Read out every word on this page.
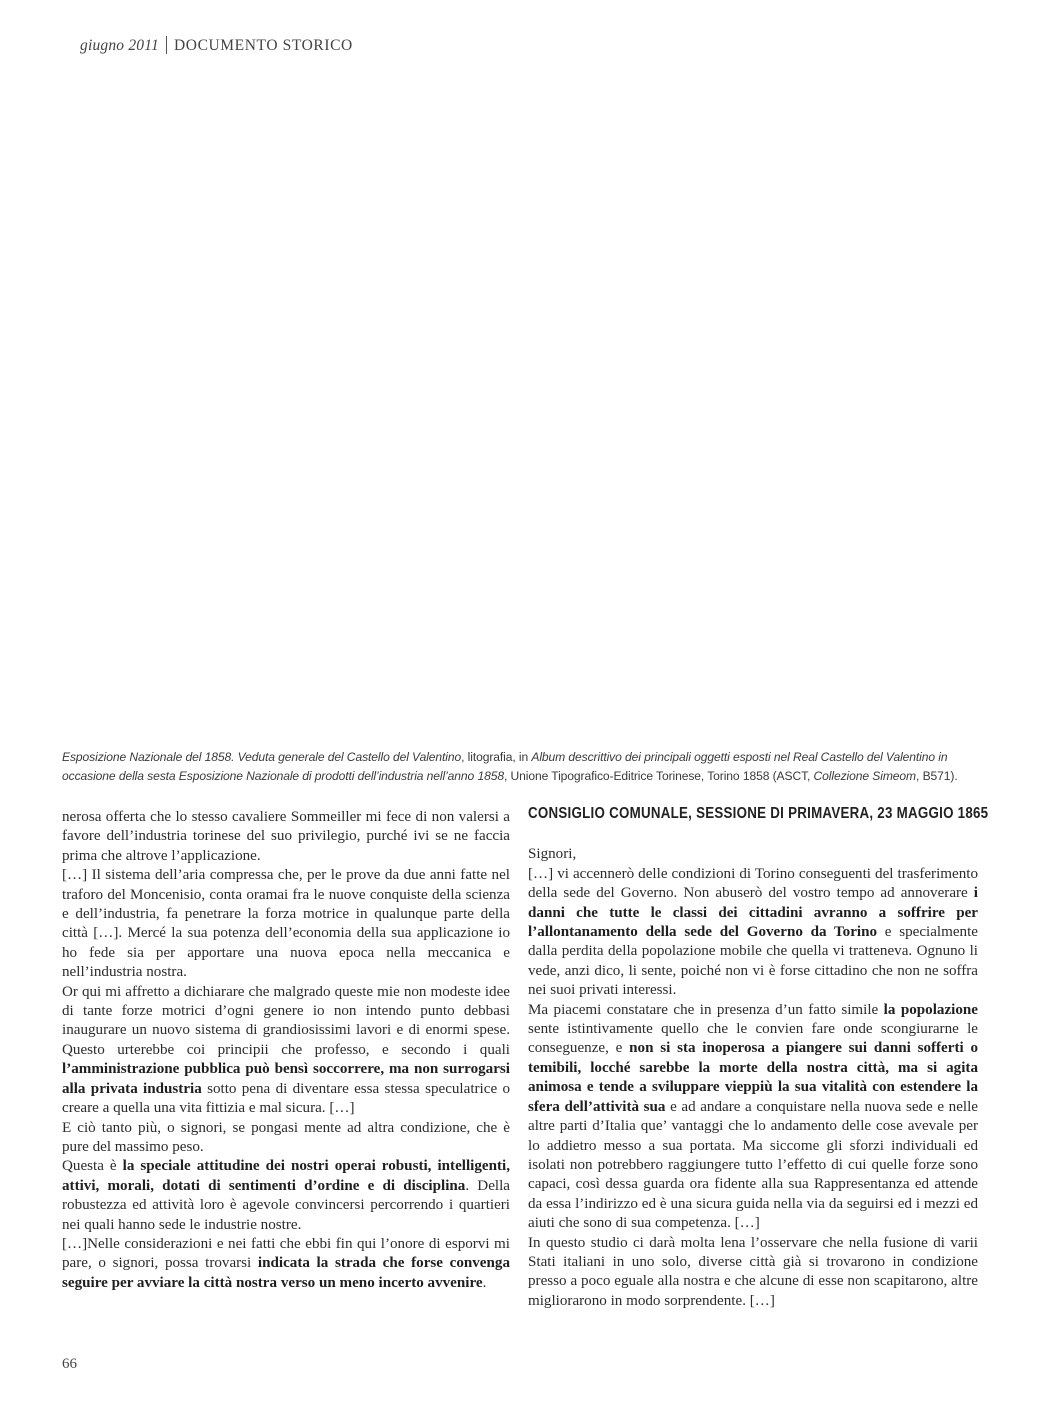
giugno 2011 DOCUMENTO STORICO
Esposizione Nazionale del 1858. Veduta generale del Castello del Valentino, litografia, in Album descrittivo dei principali oggetti esposti nel Real Castello del Valentino in occasione della sesta Esposizione Nazionale di prodotti dell’industria nell’anno 1858, Unione Tipografico-Editrice Torinese, Torino 1858 (ASCT, Collezione Simeom, B571).

nerosa offerta che lo stesso cavaliere Sommeiller mi fece di non valersi a favore dell’industria torinese del suo privilegio, purché ivi se ne faccia prima che altrove l’applicazione.

[…] Il sistema dell’aria compressa che, per le prove da due anni fatte nel traforo del Moncenisio, conta oramai fra le nuove conquiste della scienza e dell’industria, fa penetrare la forza motrice in qualunque parte della città […]. Mercé la sua potenza dell’economia della sua applicazione io ho fede sia per apportare una nuova epoca nella meccanica e nell’industria nostra.

Or qui mi affretto a dichiarare che malgrado queste mie non modeste idee di tante forze motrici d’ogni genere io non intendo punto debbasi inaugurare un nuovo sistema di grandiosissimi lavori e di enormi spese. Questo urterebbe coi principii che professo, e secondo i quali l’amministrazione pubblica può bensì soccorrere, ma non surrogarsi alla privata industria sotto pena di diventare essa stessa speculatrice o creare a quella una vita fittizia e mal sicura. […]

E ciò tanto più, o signori, se pongasi mente ad altra condizione, che è pure del massimo peso.

Questa è la speciale attitudine dei nostri operai robusti, intelligenti, attivi, morali, dotati di sentimenti d’ordine e di disciplina. Della robustezza ed attività loro è agevole convincersi percorrendo i quartieri nei quali hanno sede le industrie nostre.

[…]Nelle considerazioni e nei fatti che ebbi fin qui l’onore di esporvi mi pare, o signori, possa trovarsi indicata la strada che forse convenga seguire per avviare la città nostra verso un meno incerto avvenire.

CONSIGLIO COMUNALE, SESSIONE DI PRIMAVERA, 23 MAGGIO 1865

Signori,

[…] vi accennerò delle condizioni di Torino conseguenti del trasferimento della sede del Governo. Non abuserò del vostro tempo ad annoverare i danni che tutte le classi dei cittadini avranno a soffrire per l’allontanamento della sede del Governo da Torino e specialmente dalla perdita della popolazione mobile che quella vi tratteneva. Ognuno li vede, anzi dico, li sente, poiché non vi è forse cittadino che non ne soffra nei suoi privati interessi.

Ma piacemi constatare che in presenza d’un fatto simile la popolazione sente istintivamente quello che le convien fare onde scongiurarne le conseguenze, e non si sta inoperosa a piangere sui danni sofferti o temibili, locché sarebbe la morte della nostra città, ma si agita animosa e tende a sviluppare vieppiù la sua vitalità con estendere la sfera dell’attività sua e ad andare a conquistare nella nuova sede e nelle altre parti d’Italia que’ vantaggi che lo andamento delle cose avevale per lo addietro messo a sua portata. Ma siccome gli sforzi individuali ed isolati non potrebbero raggiungere tutto l’effetto di cui quelle forze sono capaci, così dessa guarda ora fidente alla sua Rappresentanza ed attende da essa l’indirizzo ed è una sicura guida nella via da seguirsi ed i mezzi ed aiuti che sono di sua competenza. […]

In questo studio ci darà molta lena l’osservare che nella fusione di varii Stati italiani in uno solo, diverse città già si trovarono in condizione presso a poco eguale alla nostra e che alcune di esse non scapitarono, altre migliorarono in modo sorprendente. […]

66
